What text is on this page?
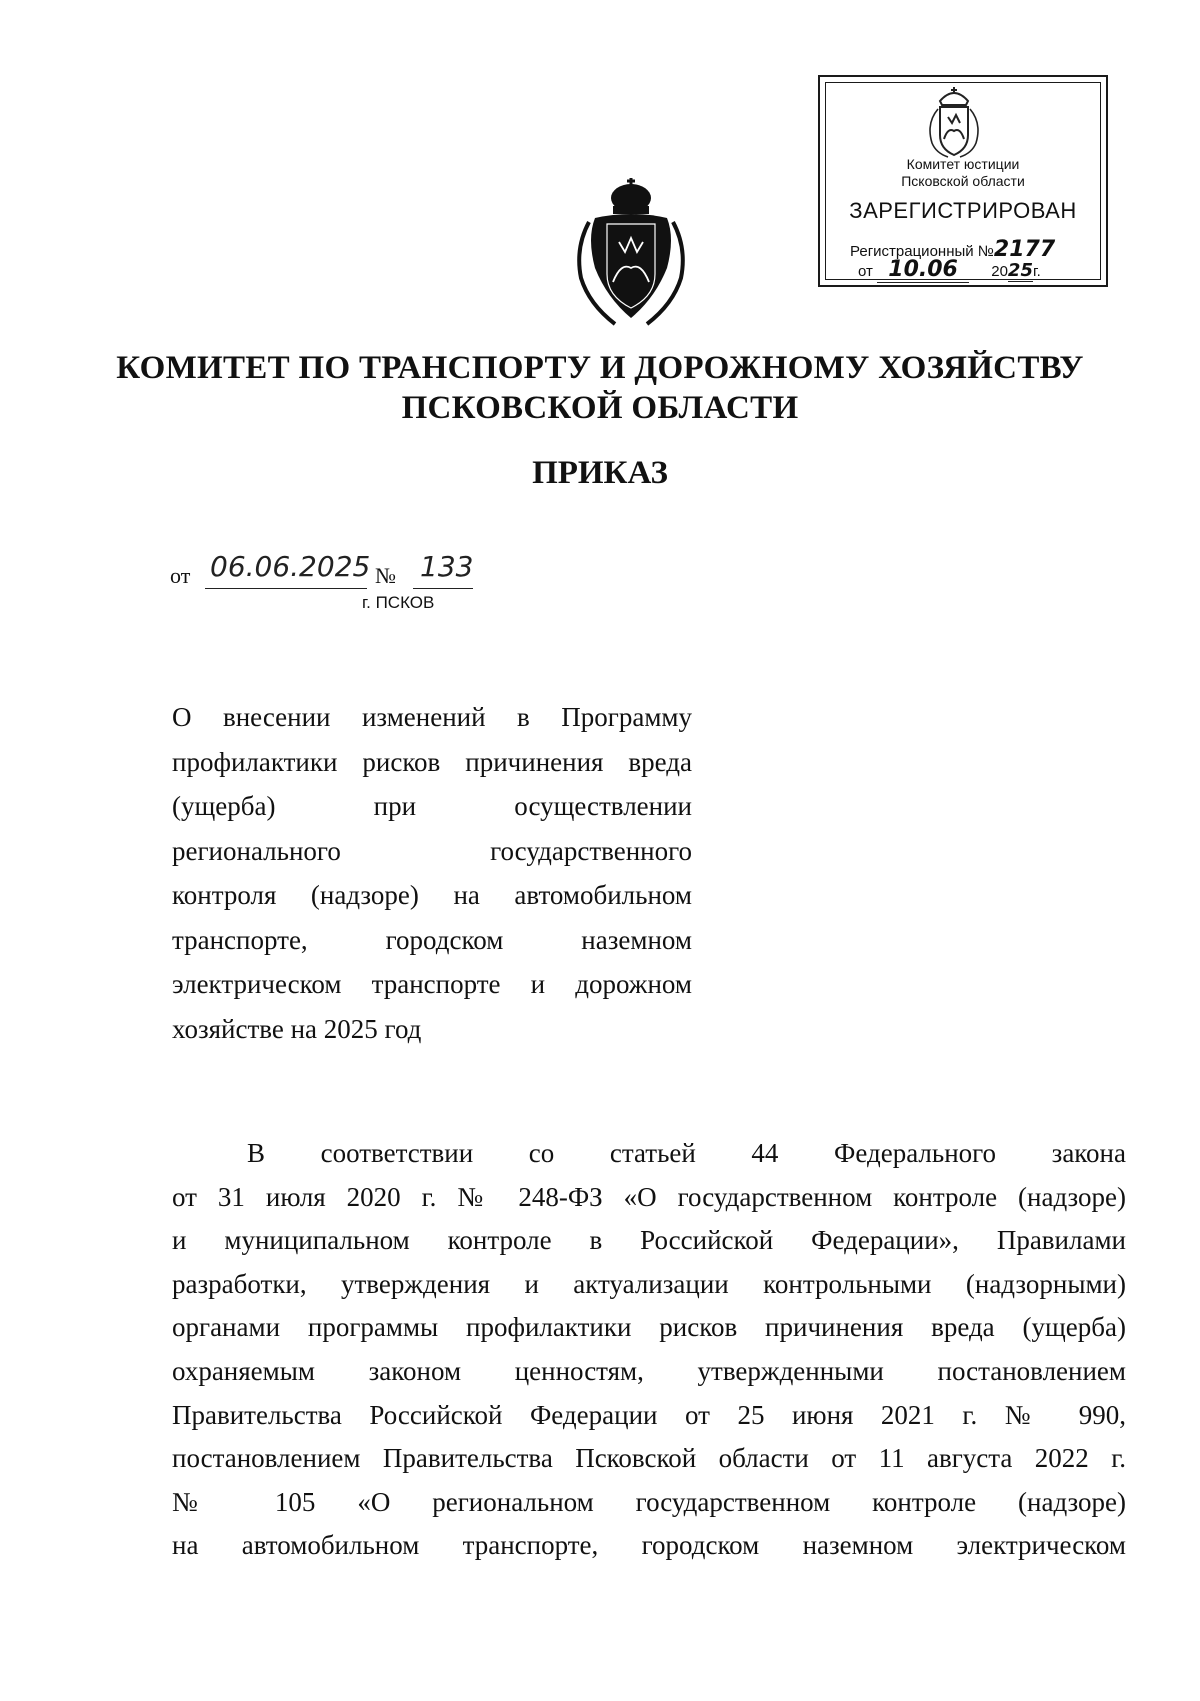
Комитет юстиции
Псковской области
ЗАРЕГИСТРИРОВАН
Регистрационный №2177
от 10.06 2025г.
КОМИТЕТ ПО ТРАНСПОРТУ И ДОРОЖНОМУ ХОЗЯЙСТВУ
ПСКОВСКОЙ ОБЛАСТИ
ПРИКАЗ
от 06.06.2025 № 133
г. ПСКОВ
О внесении изменений в Программу
профилактики рисков причинения вреда
(ущерба) при осуществлении
регионального государственного
контроля (надзоре) на автомобильном
транспорте, городском наземном
электрическом транспорте и дорожном
хозяйстве на 2025 год
В соответствии со статьей 44 Федерального закона
от 31 июля 2020 г. № 248-ФЗ «О государственном контроле (надзоре)
и муниципальном контроле в Российской Федерации», Правилами
разработки, утверждения и актуализации контрольными (надзорными)
органами программы профилактики рисков причинения вреда (ущерба)
охраняемым законом ценностям, утвержденными постановлением
Правительства Российской Федерации от 25 июня 2021 г. № 990,
постановлением Правительства Псковской области от 11 августа 2022 г.
№ 105 «О региональном государственном контроле (надзоре)
на автомобильном транспорте, городском наземном электрическом
